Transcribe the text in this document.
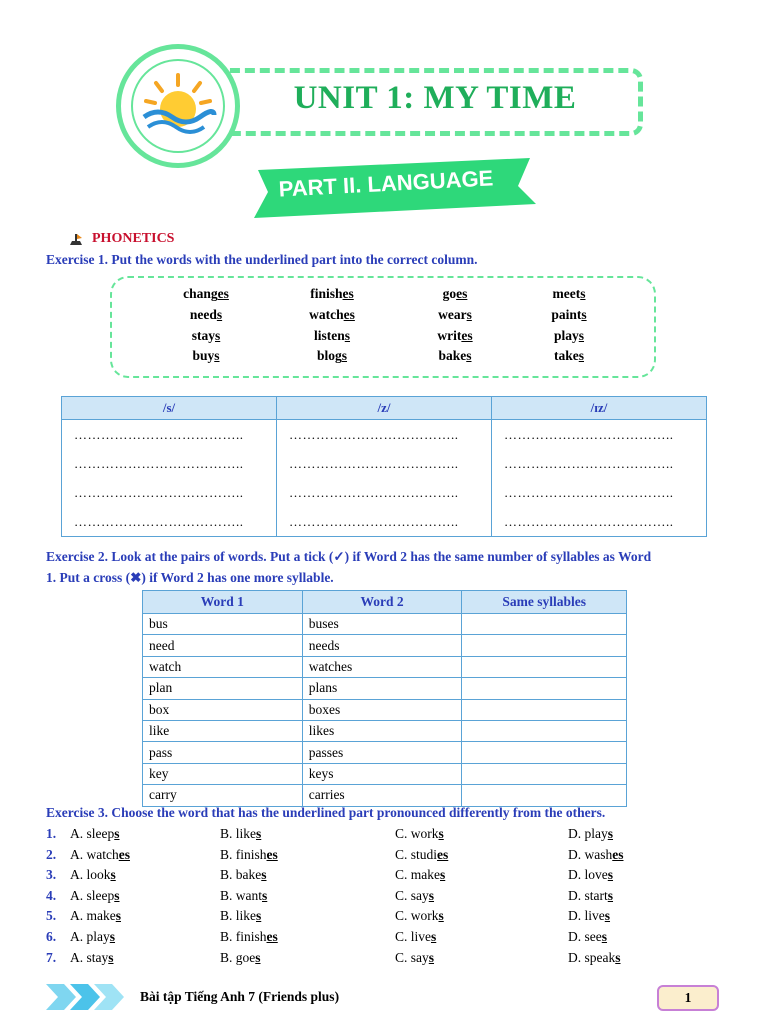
UNIT 1: MY TIME
PART II. LANGUAGE
PHONETICS
Exercise 1. Put the words with the underlined part into the correct column.
changes	finishes	goes	meets
needs	watches	wears	paints
stays	listens	writes	plays
buys	blogs	bakes	takes
/s/	/z/	/ɪz/
………………………………..	………………………………..	………………………………..
………………………………..	………………………………..	………………………………..
………………………………..	………………………………..	………………………………..
………………………………..	………………………………..	………………………………..
Exercise 2. Look at the pairs of words. Put a tick (✓) if Word 2 has the same number of syllables as Word
1. Put a cross (✖) if Word 2 has one more syllable.
Word 1	Word 2	Same syllables
bus	buses	
need	needs	
watch	watches	
plan	plans	
box	boxes	
like	likes	
pass	passes	
key	keys	
carry	carries	
Exercise 3. Choose the word that has the underlined part pronounced differently from the others.
1. A. sleeps	B. likes	C. works	D. plays
2. A. watches	B. finishes	C. studies	D. washes
3. A. looks	B. bakes	C. makes	D. loves
4. A. sleeps	B. wants	C. says	D. starts
5. A. makes	B. likes	C. works	D. lives
6. A. plays	B. finishes	C. lives	D. sees
7. A. stays	B. goes	C. says	D. speaks
Bài tập Tiếng Anh 7 (Friends plus)	1
